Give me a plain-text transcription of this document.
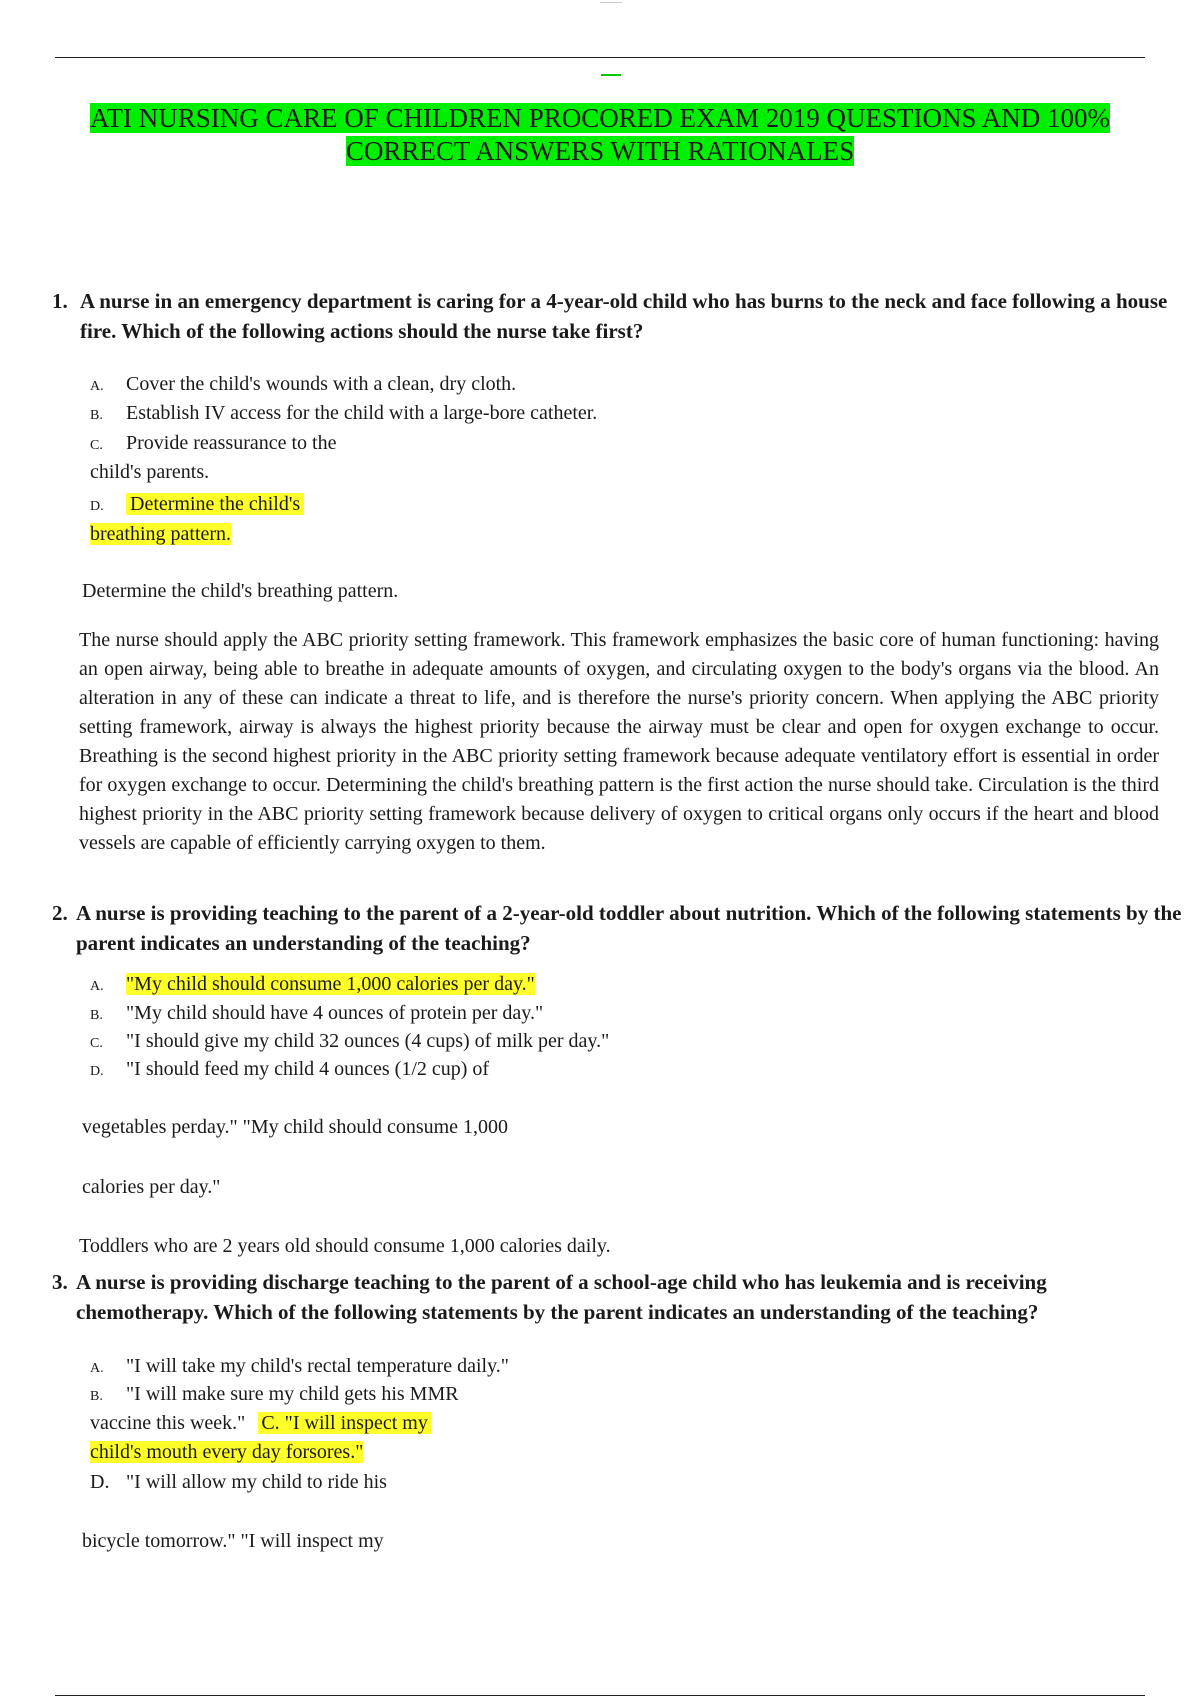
ATI NURSING CARE OF CHILDREN PROCORED EXAM 2019 QUESTIONS AND 100%
CORRECT ANSWERS WITH RATIONALES
1. A nurse in an emergency department is caring for a 4-year-old child who has burns to the neck and face following a house fire. Which of the following actions should the nurse take first?
A. Cover the child's wounds with a clean, dry cloth.
B. Establish IV access for the child with a large-bore catheter.
C. Provide reassurance to the
child's parents.
D. Determine the child's
breathing pattern.
Determine the child's breathing pattern.
The nurse should apply the ABC priority setting framework. This framework emphasizes the basic core of human functioning: having an open airway, being able to breathe in adequate amounts of oxygen, and circulating oxygen to the body's organs via the blood. An alteration in any of these can indicate a threat to life, and is therefore the nurse's priority concern. When applying the ABC priority setting framework, airway is always the highest priority because the airway must be clear and open for oxygen exchange to occur. Breathing is the second highest priority in the ABC priority setting framework because adequate ventilatory effort is essential in order for oxygen exchange to occur. Determining the child's breathing pattern is the first action the nurse should take. Circulation is the third highest priority in the ABC priority setting framework because delivery of oxygen to critical organs only occurs if the heart and blood vessels are capable of efficiently carrying oxygen to them.
2. A nurse is providing teaching to the parent of a 2-year-old toddler about nutrition. Which of the following statements by the parent indicates an understanding of the teaching?
A. "My child should consume 1,000 calories per day."
B. "My child should have 4 ounces of protein per day."
C. "I should give my child 32 ounces (4 cups) of milk per day."
D. "I should feed my child 4 ounces (1/2 cup) of
vegetables perday." "My child should consume 1,000
calories per day."
Toddlers who are 2 years old should consume 1,000 calories daily.
3. A nurse is providing discharge teaching to the parent of a school-age child who has leukemia and is receiving chemotherapy. Which of the following statements by the parent indicates an understanding of the teaching?
A. "I will take my child's rectal temperature daily."
B. "I will make sure my child gets his MMR
vaccine this week." C. "I will inspect my
child's mouth every day forsores."
D. "I will allow my child to ride his
bicycle tomorrow." "I will inspect my
